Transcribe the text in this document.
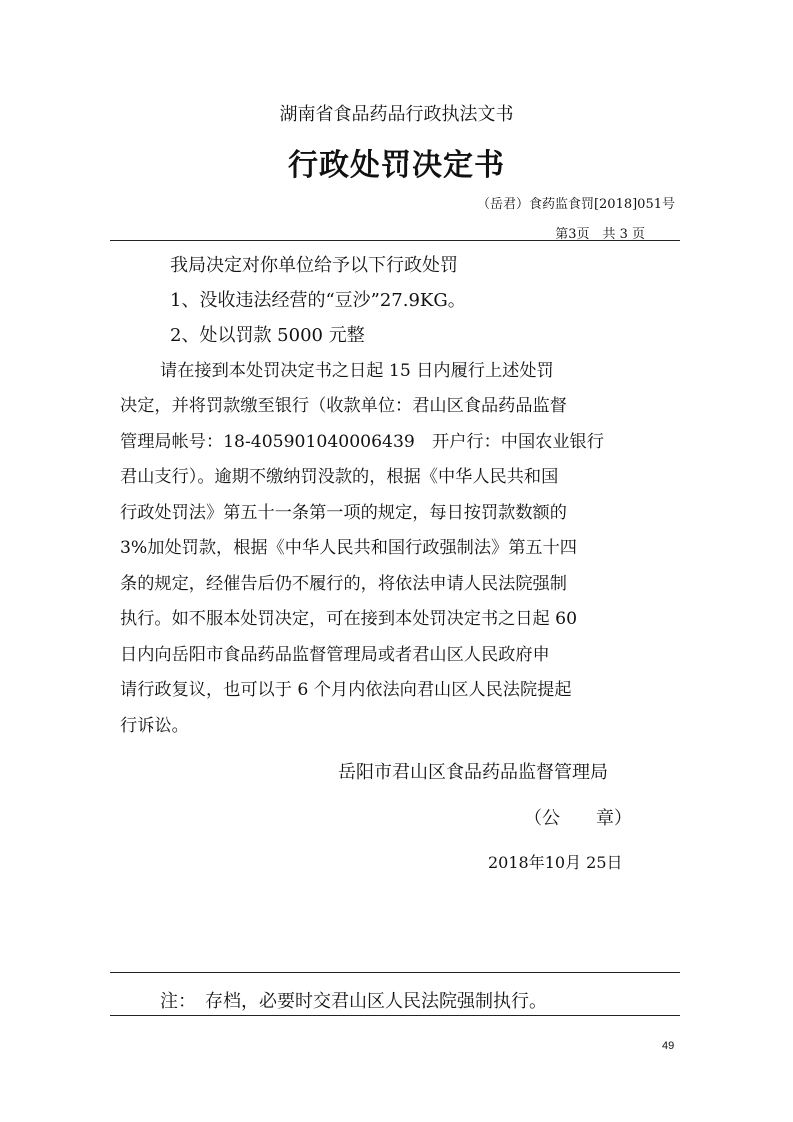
湖南省食品药品行政执法文书
行政处罚决定书
（岳君）食药监食罚[2018]051号
第3页　共 3 页
我局决定对你单位给予以下行政处罚
1、没收违法经营的“豆沙”27.9KG。
2、处以罚款 5000 元整
请在接到本处罚决定书之日起 15 日内履行上述处罚
决定，并将罚款缴至银行（收款单位：君山区食品药品监督
管理局帐号：18-405901040006439　开户行：中国农业银行
君山支行）。逾期不缴纳罚没款的，根据《中华人民共和国
行政处罚法》第五十一条第一项的规定，每日按罚款数额的
3%加处罚款，根据《中华人民共和国行政强制法》第五十四
条的规定，经催告后仍不履行的，将依法申请人民法院强制
执行。如不服本处罚决定，可在接到本处罚决定书之日起 60
日内向岳阳市食品药品监督管理局或者君山区人民政府申
请行政复议，也可以于 6 个月内依法向君山区人民法院提起
行诉讼。
岳阳市君山区食品药品监督管理局
（公　　章）
2018年10月 25日
注：　存档，必要时交君山区人民法院强制执行。
49
